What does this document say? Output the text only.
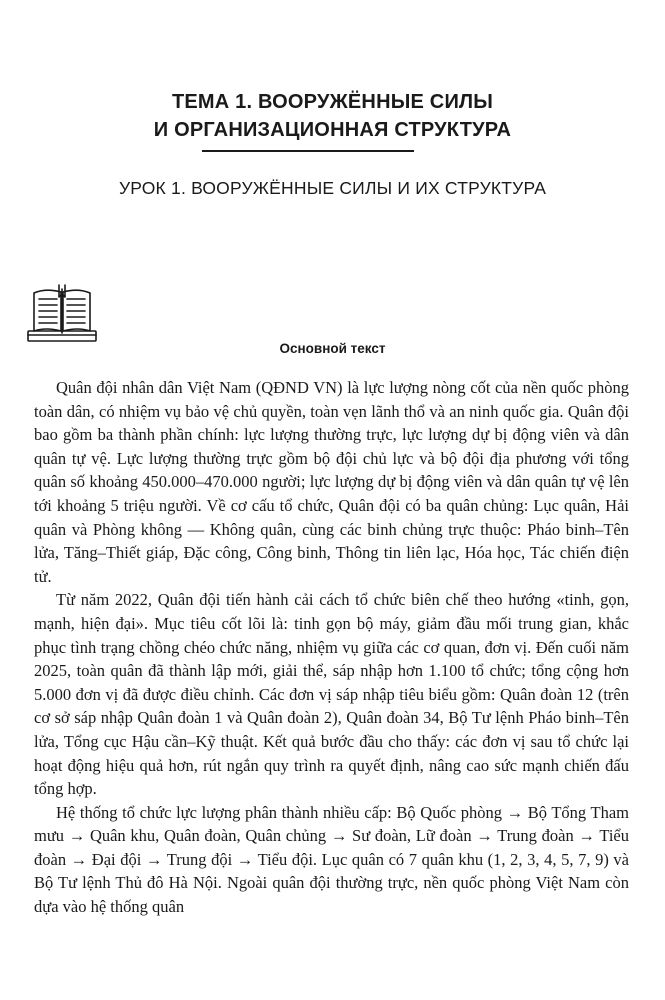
ТЕМА 1. ВООРУЖЁННЫЕ СИЛЫ
И ОРГАНИЗАЦИОННАЯ СТРУКТУРА
УРОК 1. ВООРУЖЁННЫЕ СИЛЫ И ИХ СТРУКТУРА
Основной текст

Quân đội nhân dân Việt Nam (QĐND VN) là lực lượng nòng cốt của nền quốc phòng toàn dân, có nhiệm vụ bảo vệ chủ quyền, toàn vẹn lãnh thổ và an ninh quốc gia. Quân đội bao gồm ba thành phần chính: lực lượng thường trực, lực lượng dự bị động viên và dân quân tự vệ. Lực lượng thường trực gồm bộ đội chủ lực và bộ đội địa phương với tổng quân số khoảng 450.000–470.000 người; lực lượng dự bị động viên và dân quân tự vệ lên tới khoảng 5 triệu người. Về cơ cấu tổ chức, Quân đội có ba quân chủng: Lục quân, Hải quân và Phòng không — Không quân, cùng các binh chủng trực thuộc: Pháo binh–Tên lửa, Tăng–Thiết giáp, Đặc công, Công binh, Thông tin liên lạc, Hóa học, Tác chiến điện tử.

Từ năm 2022, Quân đội tiến hành cải cách tổ chức biên chế theo hướng «tinh, gọn, mạnh, hiện đại». Mục tiêu cốt lõi là: tinh gọn bộ máy, giảm đầu mối trung gian, khắc phục tình trạng chồng chéo chức năng, nhiệm vụ giữa các cơ quan, đơn vị. Đến cuối năm 2025, toàn quân đã thành lập mới, giải thể, sáp nhập hơn 1.100 tổ chức; tổng cộng hơn 5.000 đơn vị đã được điều chỉnh. Các đơn vị sáp nhập tiêu biểu gồm: Quân đoàn 12 (trên cơ sở sáp nhập Quân đoàn 1 và Quân đoàn 2), Quân đoàn 34, Bộ Tư lệnh Pháo binh–Tên lửa, Tổng cục Hậu cần–Kỹ thuật. Kết quả bước đầu cho thấy: các đơn vị sau tổ chức lại hoạt động hiệu quả hơn, rút ngắn quy trình ra quyết định, nâng cao sức mạnh chiến đấu tổng hợp.

Hệ thống tổ chức lực lượng phân thành nhiều cấp: Bộ Quốc phòng → Bộ Tổng Tham mưu → Quân khu, Quân đoàn, Quân chủng → Sư đoàn, Lữ đoàn → Trung đoàn → Tiểu đoàn → Đại đội → Trung đội → Tiểu đội. Lục quân có 7 quân khu (1, 2, 3, 4, 5, 7, 9) và Bộ Tư lệnh Thủ đô Hà Nội. Ngoài quân đội thường trực, nền quốc phòng Việt Nam còn dựa vào hệ thống quân
